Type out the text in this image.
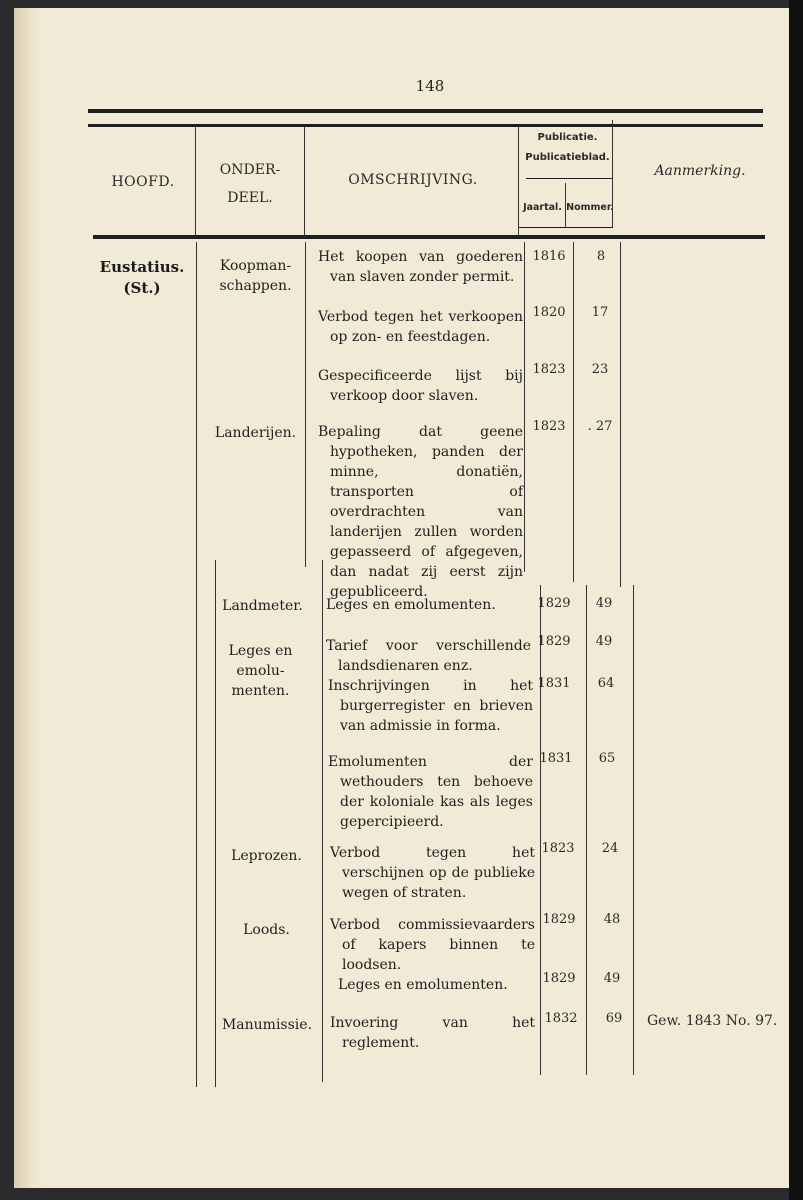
148
HOOFD.
ONDER-
DEEL.
OMSCHRIJVING.
Publicatie.
Publicatieblad.
Jaartal. Nommer.
Aanmerking.
Eustatius.
(St.)
Koopman-
schappen.
Landerijen.
Landmeter.
Leges en
emolu-
menten.
Leprozen.
Loods.
Manumissie.
Het koopen van goederen van slaven zonder permit.
Verbod tegen het verkoopen op zon- en feestdagen.
Gespecificeerde lijst bij verkoop door slaven.
Bepaling dat geene hypotheken, panden der minne, donatiën, transporten of overdrachten van landerijen zullen worden gepasseerd of afgegeven, dan nadat zij eerst zijn gepubliceerd.
Leges en emolumenten.
Tarief voor verschillende landsdienaren enz.
Inschrijvingen in het burgerregister en brieven van admissie in forma.
Emolumenten der wethouders ten behoeve der koloniale kas als leges gepercipieerd.
Verbod tegen het verschijnen op de publieke wegen of straten.
Verbod commissievaarders of kapers binnen te loodsen.
Leges en emolumenten.
Invoering van het reglement.
1816
1820
1823
1823
1829
1829
1831
1831
1823
1829
1829
1832
8
17
23
. 27
49
49
64
65
24
48
49
69	Gew. 1843 No. 97.
